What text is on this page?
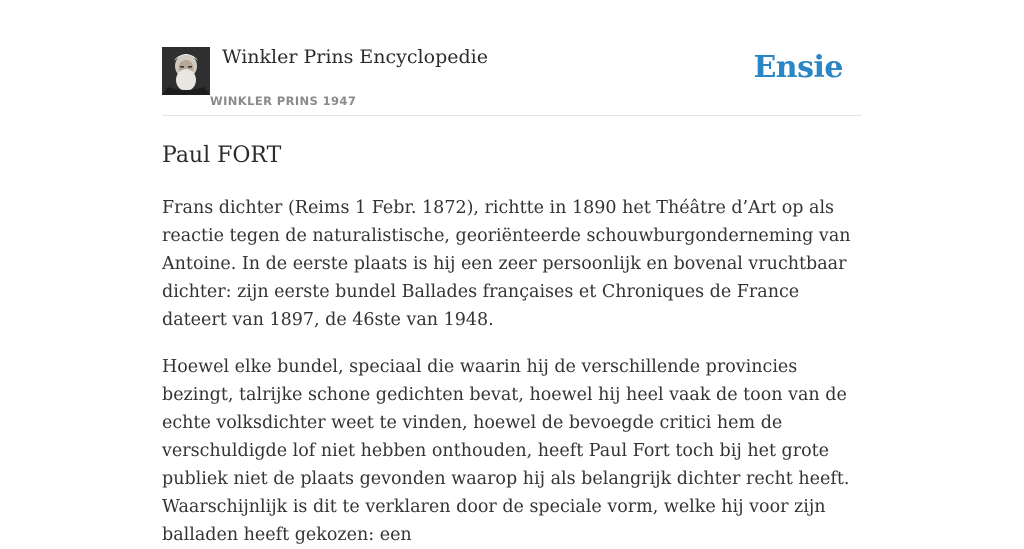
Winkler Prins Encyclopedie
WINKLER PRINS 1947
Ensie
Paul FORT

Frans dichter (Reims 1 Febr. 1872), richtte in 1890 het Théâtre d’Art op als reactie tegen de naturalistische, georiënteerde schouwburgonderneming van Antoine. In de eerste plaats is hij een zeer persoonlijk en bovenal vruchtbaar dichter: zijn eerste bundel Ballades françaises et Chroniques de France dateert van 1897, de 46ste van 1948.

Hoewel elke bundel, speciaal die waarin hij de verschillende provincies bezingt, talrijke schone gedichten bevat, hoewel hij heel vaak de toon van de echte volksdichter weet te vinden, hoewel de bevoegde critici hem de verschuldigde lof niet hebben onthouden, heeft Paul Fort toch bij het grote publiek niet de plaats gevonden waarop hij als belangrijk dichter recht heeft. Waarschijnlijk is dit te verklaren door de speciale vorm, welke hij voor zijn balladen heeft gekozen: een
